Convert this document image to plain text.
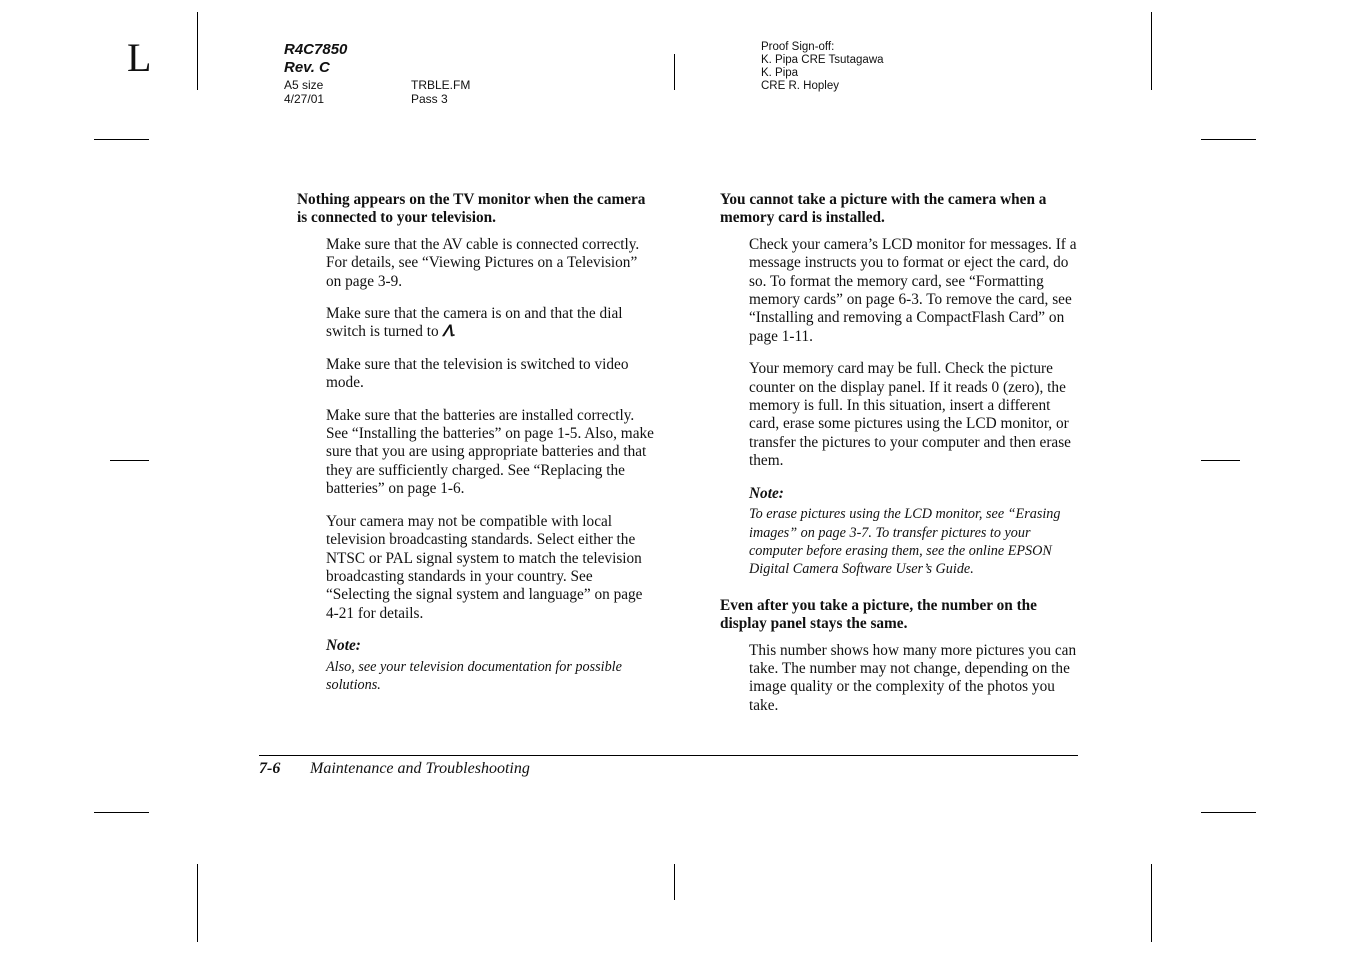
L	R4C7850
Rev. C
A5 size	TRBLE.FM
4/27/01	Pass 3
Proof Sign-off:
K. Pipa CRE Tsutagawa
K. Pipa
CRE R. Hopley

Nothing appears on the TV monitor when the camera is connected to your television.

Make sure that the AV cable is connected correctly. For details, see “Viewing Pictures on a Television” on page 3-9.

Make sure that the camera is on and that the dial switch is turned to ᐱ.

Make sure that the television is switched to video mode.

Make sure that the batteries are installed correctly. See “Installing the batteries” on page 1-5. Also, make sure that you are using appropriate batteries and that they are sufficiently charged. See “Replacing the batteries” on page 1-6.

Your camera may not be compatible with local television broadcasting standards. Select either the NTSC or PAL signal system to match the television broadcasting standards in your country. See “Selecting the signal system and language” on page 4-21 for details.

Note:

Also, see your television documentation for possible solutions.

You cannot take a picture with the camera when a memory card is installed.

Check your camera’s LCD monitor for messages. If a message instructs you to format or eject the card, do so. To format the memory card, see “Formatting memory cards” on page 6-3. To remove the card, see “Installing and removing a CompactFlash Card” on page 1-11.

Your memory card may be full. Check the picture counter on the display panel. If it reads 0 (zero), the memory is full. In this situation, insert a different card, erase some pictures using the LCD monitor, or transfer the pictures to your computer and then erase them.

Note:

To erase pictures using the LCD monitor, see “Erasing images” on page 3-7. To transfer pictures to your computer before erasing them, see the online EPSON Digital Camera Software User’s Guide.

Even after you take a picture, the number on the display panel stays the same.

This number shows how many more pictures you can take. The number may not change, depending on the image quality or the complexity of the photos you take.

7-6 Maintenance and Troubleshooting
